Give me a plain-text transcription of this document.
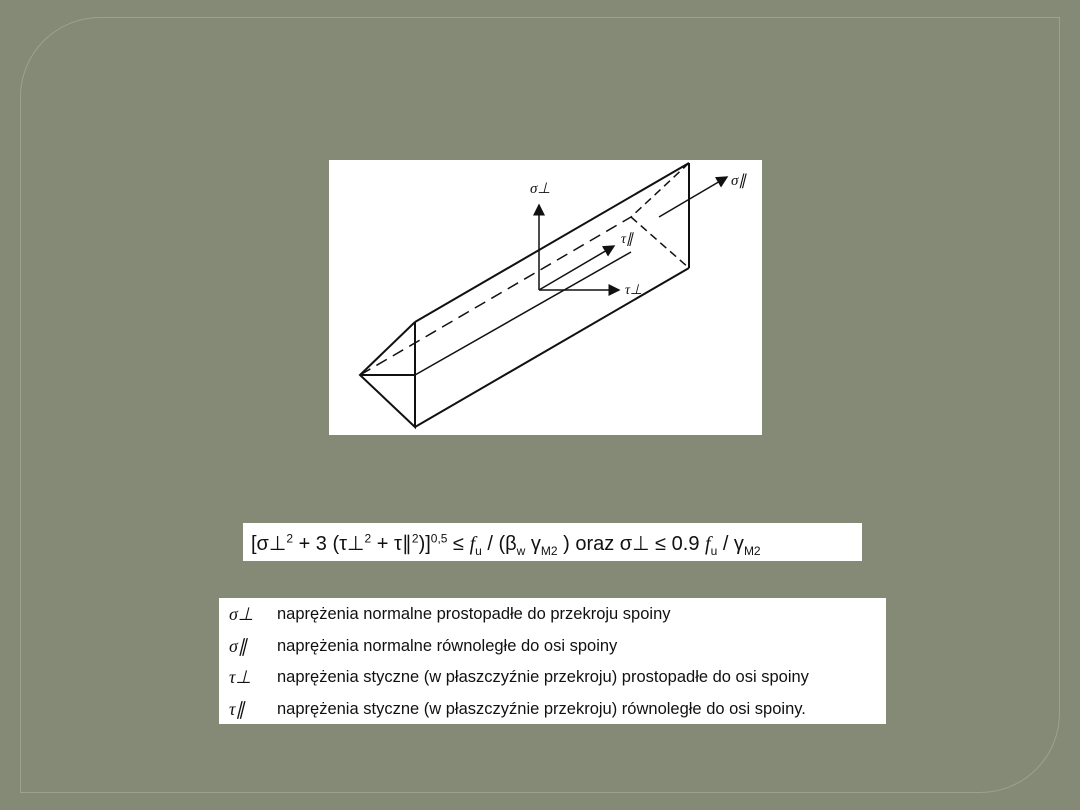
σ⊥	σ∥
τ∥
τ⊥
[σ⊥$^2$ + 3 (τ⊥$^2$ + τ∥$^2$)]$^{0,5}$ ≤ $f_u / (\beta_w$ $\gamma_{M2}$ ) oraz σ⊥ ≤ 0.9 $f_u / \gamma_{M2}$
σ⊥	naprężenia normalne prostopadłe do przekroju spoiny
σ∥	naprężenia normalne równoległe do osi spoiny
τ⊥	naprężenia styczne (w płaszczyźnie przekroju) prostopadłe do osi spoiny
τ∥	naprężenia styczne (w płaszczyźnie przekroju) równoległe do osi spoiny.
